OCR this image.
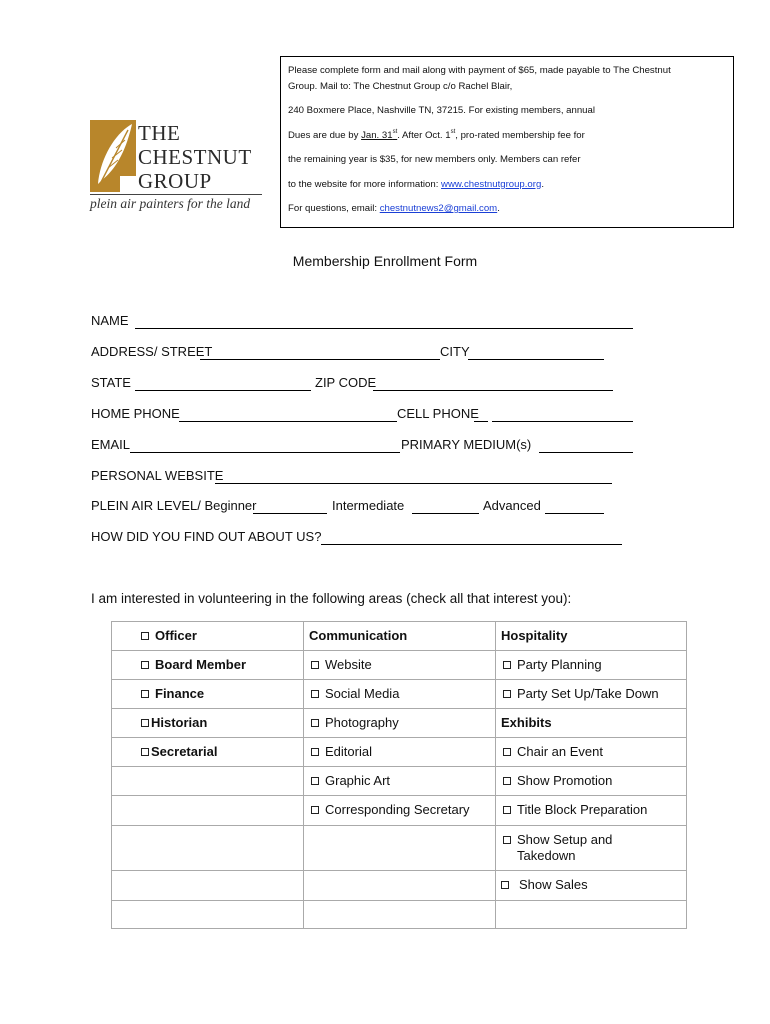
THE
CHESTNUT
GROUP
plein air painters for the land

Please complete form and mail along with payment of $65, made payable to The Chestnut

Group. Mail to: The Chestnut Group c/o Rachel Blair,

240 Boxmere Place, Nashville TN, 37215. For existing members, annual

Dues are due by Jan. 31st. After Oct. 1st, pro-rated membership fee for

the remaining year is $35, for new members only. Members can refer

to the website for more information: www.chestnutgroup.org.

For questions, email: chestnutnews2@gmail.com.

Membership Enrollment Form
NAME
ADDRESS/ STREET	CITY
STATE	ZIP CODE
HOME PHONE	CELL PHONE
EMAIL	PRIMARY MEDIUM(s)
PERSONAL WEBSITE
PLEIN AIR LEVEL/ Beginner	Intermediate	Advanced
HOW DID YOU FIND OUT ABOUT US?
I am interested in volunteering in the following areas (check all that interest you):
Officer	Communication	Hospitality

Board Member	Website	Party Planning

Finance	Social Media	Party Set Up/Take Down

Historian	Photography	Exhibits

Secretarial	Editorial	Chair an Event

	Graphic Art	Show Promotion

	Corresponding Secretary	Title Block Preparation

		Show Setup and Takedown

		Show Sales
